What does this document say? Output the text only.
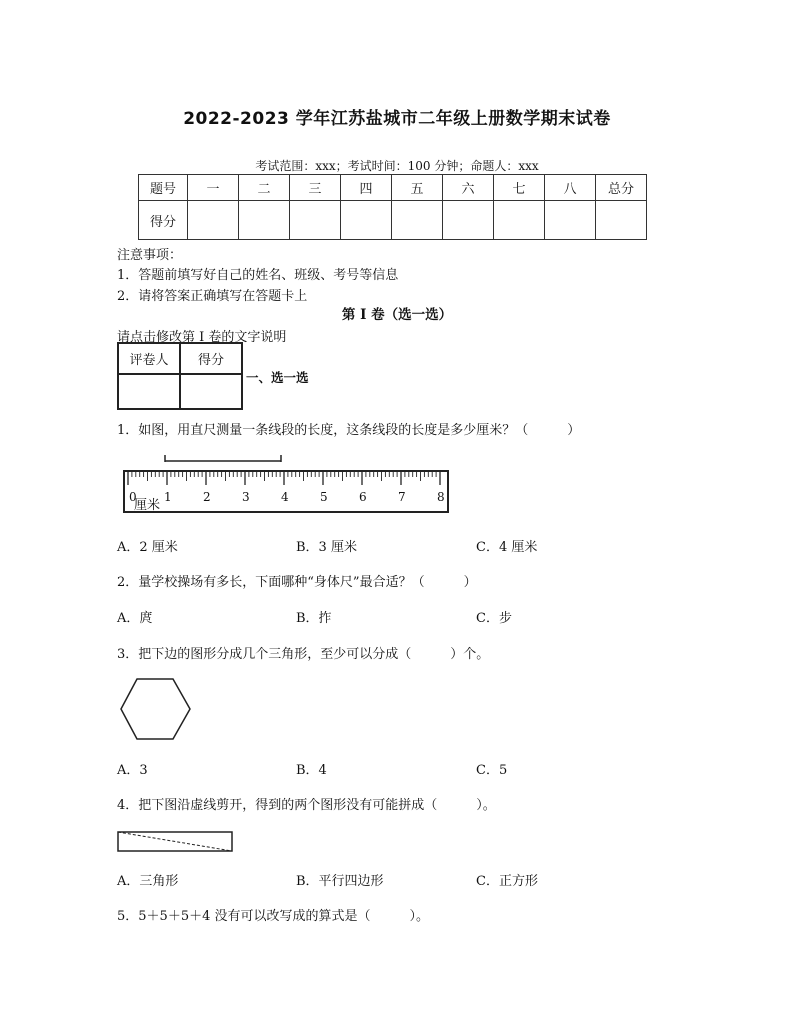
2022-2023 学年江苏盐城市二年级上册数学期末试卷
考试范围：xxx；考试时间：100 分钟；命题人：xxx
题号	一	二	三	四	五	六	七	八	总分
得分									
注意事项：
1．答题前填写好自己的姓名、班级、考号等信息
2．请将答案正确填写在答题卡上
第 I 卷（选一选）
请点击修改第 I 卷的文字说明
评卷人	得分

一、选一选
1．如图，用直尺测量一条线段的长度，这条线段的长度是多少厘米？（　　　）
0 1	2	3	4	5	6	7	8
厘米
A．2 厘米	B．3 厘米	C．4 厘米
2．量学校操场有多长，下面哪种“身体尺”最合适？（　　　）
A．庹	B．拃	C．步
3．把下边的图形分成几个三角形，至少可以分成（　　　）个。
A．3	B．4	C．5
4．把下图沿虚线剪开，得到的两个图形没有可能拼成（　　　）。
A．三角形	B．平行四边形	C．正方形
5．5＋5＋5＋4 没有可以改写成的算式是（　　　）。
